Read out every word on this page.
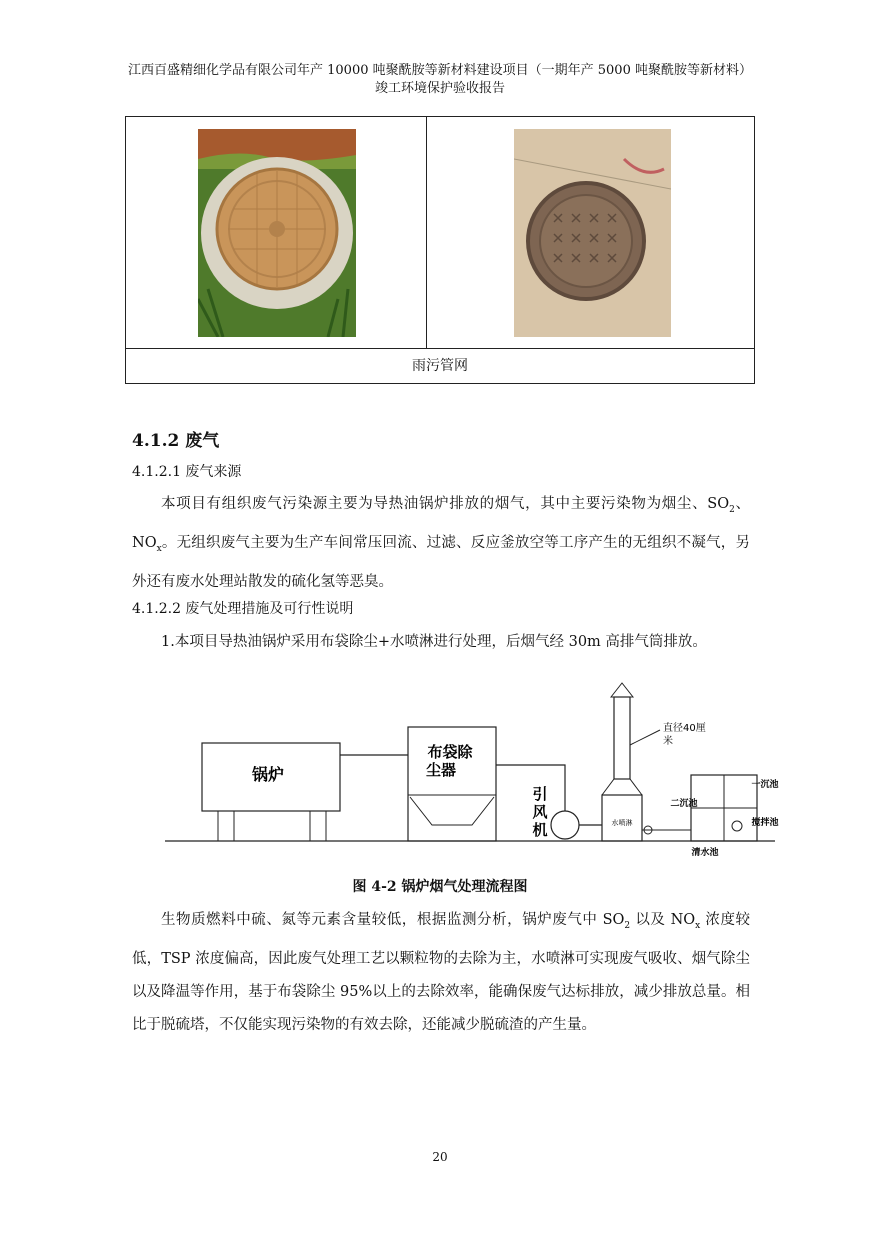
江西百盛精细化学品有限公司年产 10000 吨聚酰胺等新材料建设项目（一期年产 5000 吨聚酰胺等新材料）
竣工环境保护验收报告
雨污管网
4.1.2 废气
4.1.2.1 废气来源
本项目有组织废气污染源主要为导热油锅炉排放的烟气，其中主要污染物为烟尘、$SO_2$、$NO_x$。无组织废气主要为生产车间常压回流、过滤、反应釜放空等工序产生的无组织不凝气，另外还有废水处理站散发的硫化氢等恶臭。
4.1.2.2 废气处理措施及可行性说明
1.本项目导热油锅炉采用布袋除尘+水喷淋进行处理，后烟气经 30m 高排气筒排放。
锅炉
布袋除
尘器
引
风
机	水喷淋
直径40厘
米
二沉池
一沉池
搅拌池
清水池
图 4-2 锅炉烟气处理流程图
生物质燃料中硫、氮等元素含量较低，根据监测分析，锅炉废气中 $SO_2$ 以及 $NO_x$ 浓度较低，TSP 浓度偏高，因此废气处理工艺以颗粒物的去除为主，水喷淋可实现废气吸收、烟气除尘以及降温等作用，基于布袋除尘 95%以上的去除效率，能确保废气达标排放，减少排放总量。相比于脱硫塔，不仅能实现污染物的有效去除，还能减少脱硫渣的产生量。
20
